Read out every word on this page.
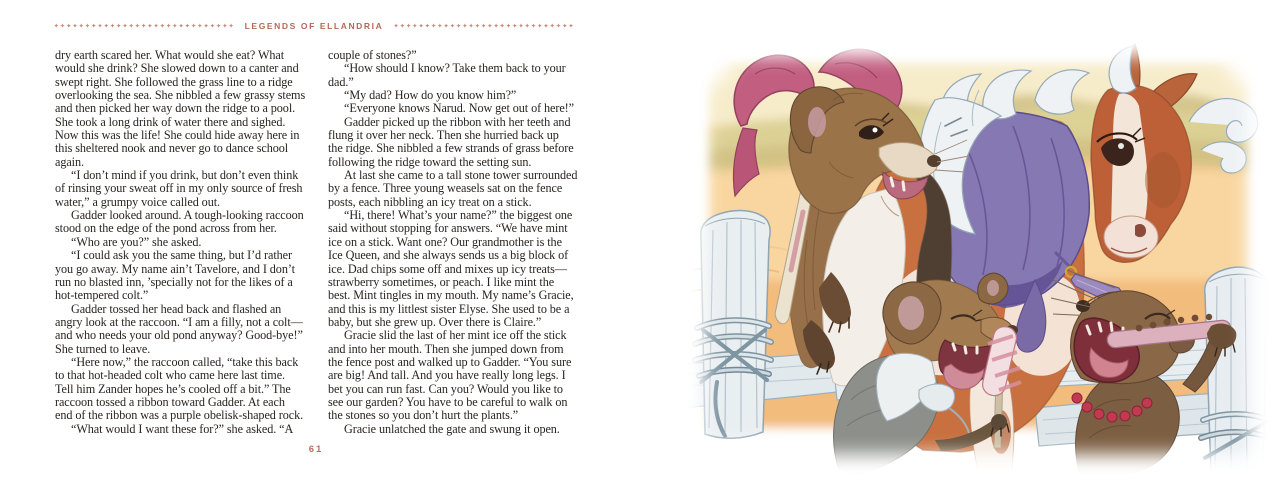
✦✦✦✦✦✦✦✦✦✦✦✦✦✦✦✦✦✦✦✦✦✦✦✦✦✦✦✦✦ LEGENDS OF ELLANDRIA ✦✦✦✦✦✦✦✦✦✦✦✦✦✦✦✦✦✦✦✦✦✦✦✦✦✦✦✦✦
dry earth scared her. What would she eat? What
would she drink? She slowed down to a canter and
swept right. She followed the grass line to a ridge
overlooking the sea. She nibbled a few grassy stems
and then picked her way down the ridge to a pool.
She took a long drink of water there and sighed.
Now this was the life! She could hide away here in
this sheltered nook and never go to dance school
again.
“I don’t mind if you drink, but don’t even think
of rinsing your sweat off in my only source of fresh
water,” a grumpy voice called out.
Gadder looked around. A tough-looking raccoon
stood on the edge of the pond across from her.
“Who are you?” she asked.
“I could ask you the same thing, but I’d rather
you go away. My name ain’t Tavelore, and I don’t
run no blasted inn, ’specially not for the likes of a
hot-tempered colt.”
Gadder tossed her head back and flashed an
angry look at the raccoon. “I am a filly, not a colt—
and who needs your old pond anyway? Good-bye!”
She turned to leave.
“Here now,” the raccoon called, “take this back
to that hot-headed colt who came here last time.
Tell him Zander hopes he’s cooled off a bit.” The
raccoon tossed a ribbon toward Gadder. At each
end of the ribbon was a purple obelisk-shaped rock.
“What would I want these for?” she asked. “A
couple of stones?”
“How should I know? Take them back to your
dad.”
“My dad? How do you know him?”
“Everyone knows Narud. Now get out of here!”
Gadder picked up the ribbon with her teeth and
flung it over her neck. Then she hurried back up
the ridge. She nibbled a few strands of grass before
following the ridge toward the setting sun.
At last she came to a tall stone tower surrounded
by a fence. Three young weasels sat on the fence
posts, each nibbling an icy treat on a stick.
“Hi, there! What’s your name?” the biggest one
said without stopping for answers. “We have mint
ice on a stick. Want one? Our grandmother is the
Ice Queen, and she always sends us a big block of
ice. Dad chips some off and mixes up icy treats—
strawberry sometimes, or peach. I like mint the
best. Mint tingles in my mouth. My name’s Gracie,
and this is my littlest sister Elyse. She used to be a
baby, but she grew up. Over there is Claire.”
Gracie slid the last of her mint ice off the stick
and into her mouth. Then she jumped down from
the fence post and walked up to Gadder. “You sure
are big! And tall. And you have really long legs. I
bet you can run fast. Can you? Would you like to
see our garden? You have to be careful to walk on
the stones so you don’t hurt the plants.”
Gracie unlatched the gate and swung it open.
61
